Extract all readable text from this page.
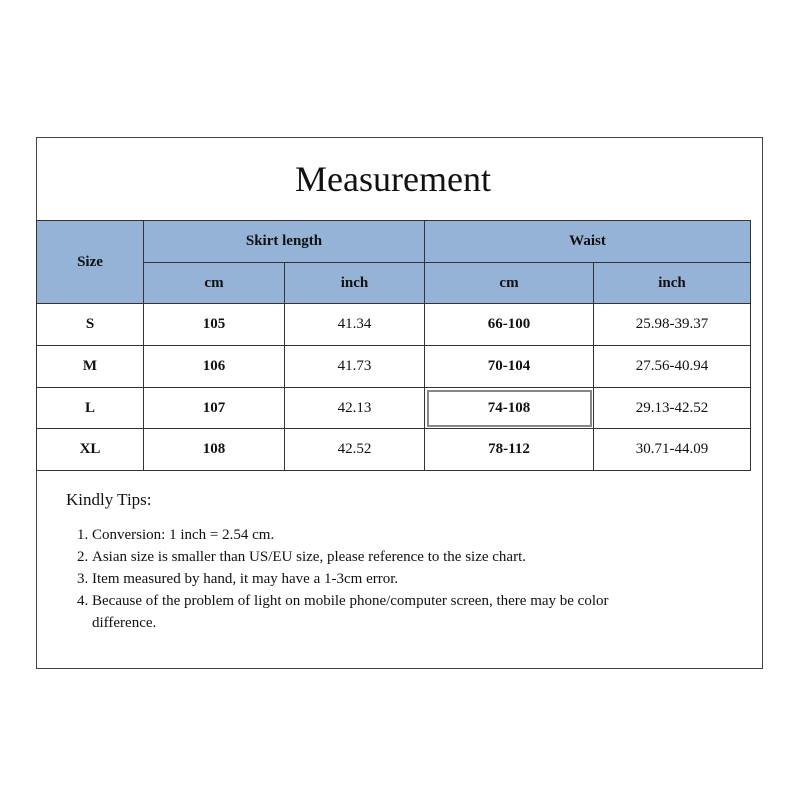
Measurement
Size	Skirt length		Waist	
	cm	inch	cm	inch
S	105	41.34	66-100	25.98-39.37
M	106	41.73	70-104	27.56-40.94
L	107	42.13	74-108	29.13-42.52
XL	108	42.52	78-112	30.71-44.09
Kindly Tips:
1. Conversion: 1 inch = 2.54 cm.
2. Asian size is smaller than US/EU size, please reference to the size chart.
3. Item measured by hand, it may have a 1-3cm error.
4. Because of the problem of light on mobile phone/computer screen, there may be color difference.
